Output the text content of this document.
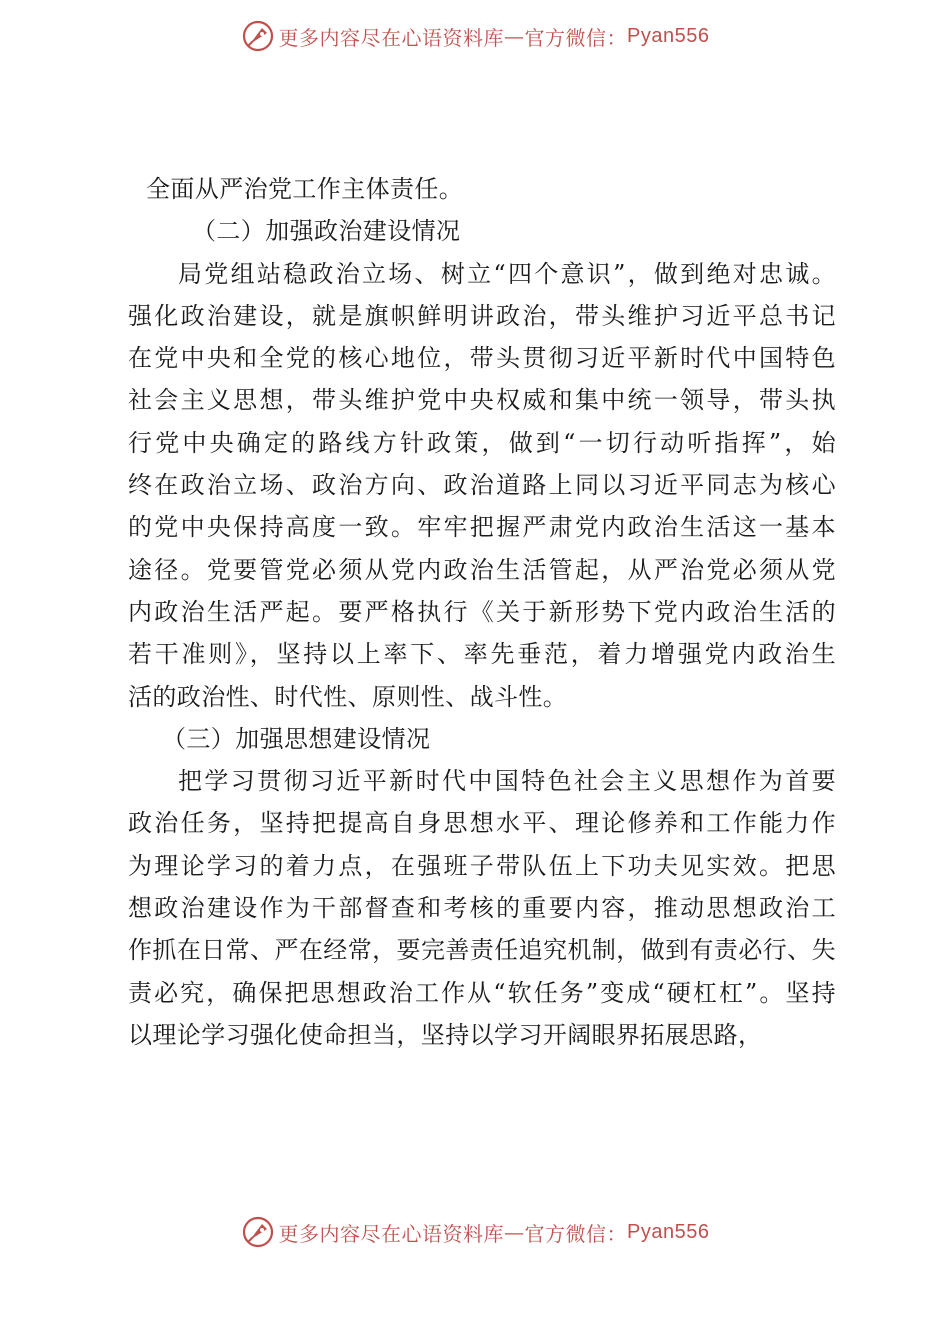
更多内容尽在心语资料库 — 官方微信： Pyan556
全面从严治党工作主体责任。
（二）加强政治建设情况
局党组站稳政治立场、树立“四个意识”，做到绝对忠诚。
强化政治建设，就是旗帜鲜明讲政治，带头维护习近平总书记
在党中央和全党的核心地位，带头贯彻习近平新时代中国特色
社会主义思想，带头维护党中央权威和集中统一领导，带头执
行党中央确定的路线方针政策，做到“一切行动听指挥”，始
终在政治立场、政治方向、政治道路上同以习近平同志为核心
的党中央保持高度一致。牢牢把握严肃党内政治生活这一基本
途径。党要管党必须从党内政治生活管起，从严治党必须从党
内政治生活严起。要严格执行《关于新形势下党内政治生活的
若干准则》，坚持以上率下、率先垂范，着力增强党内政治生
活的政治性、时代性、原则性、战斗性。
（三）加强思想建设情况
把学习贯彻习近平新时代中国特色社会主义思想作为首要
政治任务，坚持把提高自身思想水平、理论修养和工作能力作
为理论学习的着力点，在强班子带队伍上下功夫见实效。把思
想政治建设作为干部督查和考核的重要内容，推动思想政治工
作抓在日常、严在经常，要完善责任追究机制，做到有责必行、失
责必究，确保把思想政治工作从“软任务”变成“硬杠杠”。坚持
以理论学习强化使命担当，坚持以学习开阔眼界拓展思路，
更多内容尽在心语资料库 — 官方微信： Pyan556
